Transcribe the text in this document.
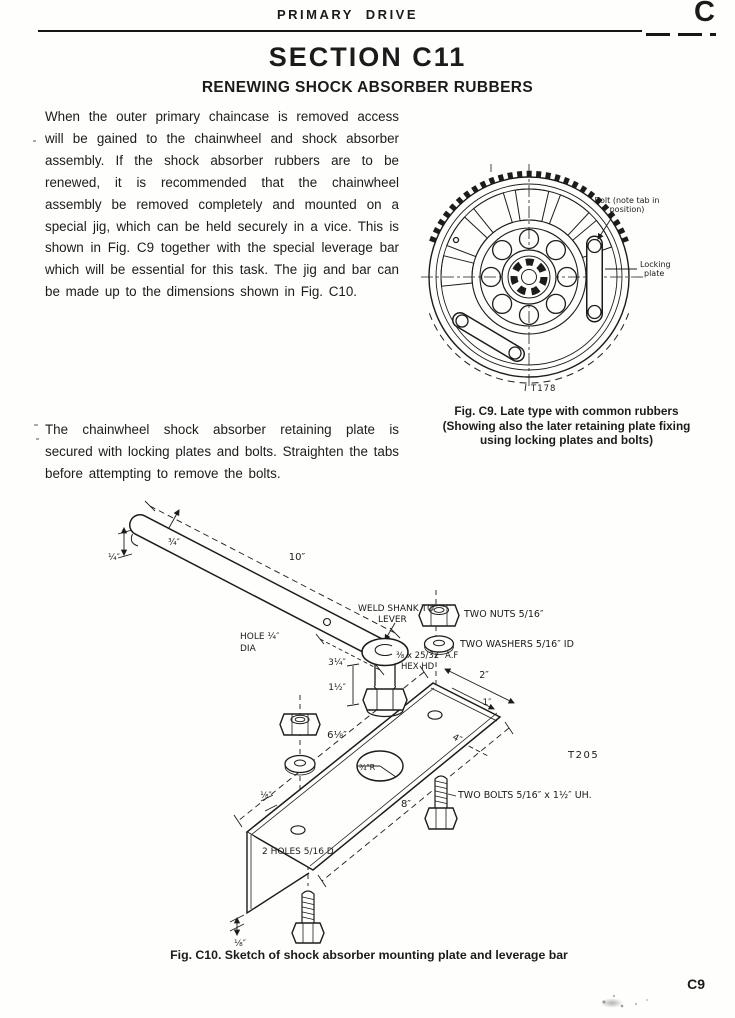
PRIMARY DRIVE	C
SECTION C11
RENEWING SHOCK ABSORBER RUBBERS

When the outer primary chaincase is removed access will be gained to the chainwheel and shock absorber assembly. If the shock absorber rubbers are to be renewed, it is recommended that the chainwheel assembly be removed completely and mounted on a special jig, which can be held securely in a vice. This is shown in Fig. C9 together with the special leverage bar which will be essential for this task. The jig and bar can be made up to the dimensions shown in Fig. C10.

The chainwheel shock absorber retaining plate is secured with locking plates and bolts. Straighten the tabs before attempting to remove the bolts.

Bolt (note tab in
position)
Locking
plate
T178
Fig. C9. Late type with common rubbers
(Showing also the later retaining plate fixing
using locking plates and bolts)
¼″
¾″
10″
HOLE ¼″
DIA
3¼″
WELD SHANK TO
LEVER
⅜ x 25/32″ A.F
HEX HD
1½″
TWO NUTS 5/16″
TWO WASHERS 5/16″ ID
2″
1″
4″
6⅛″
8″
¾″R
2 HOLES 5/16 D
TWO BOLTS 5/16″ x 1½″ UH.
T205
⅛″
⅛″
Fig. C10. Sketch of shock absorber mounting plate and leverage bar
C9
